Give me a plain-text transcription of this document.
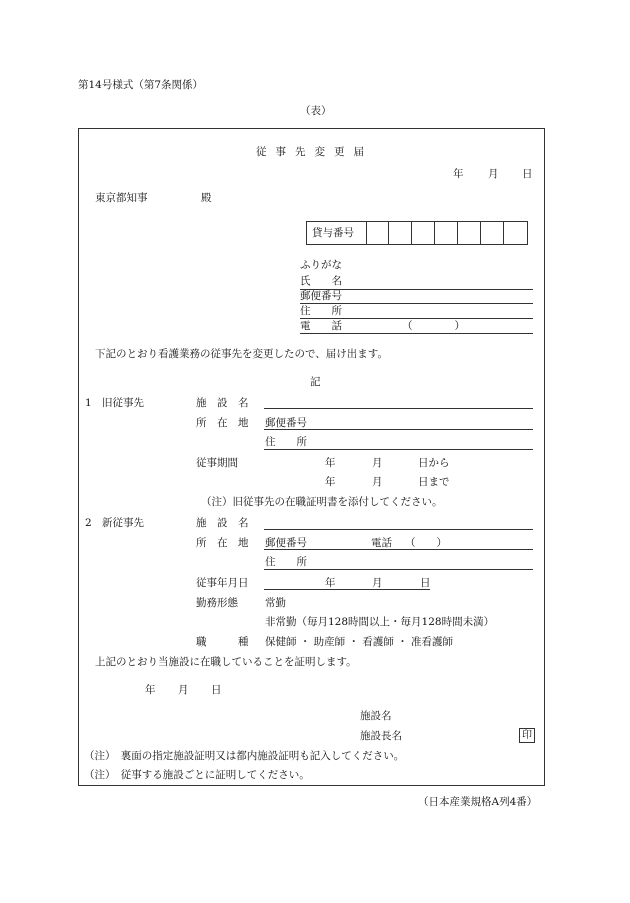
第14号様式（第7条関係）
（表）
従事先変更届
年 月 日
東京都知事	殿
貸与番号
ふりがな
氏　　名
郵便番号
住　　所
電　　話	（　　　　）
下記のとおり看護業務の従事先を変更したので、届け出ます。
記
1 旧従事先	施　設　名
所　在　地 郵便番号
住　　所
従事期間	年	月	日から
年	月	日まで
（注）旧従事先の在職証明書を添付してください。
2 新従事先	施　設　名
所　在　地 郵便番号	電話 （　　）
住　　所
従事年月日	年	月	日
勤務形態	常勤
非常勤（毎月128時間以上・毎月128時間未満）
職　　　種 保健師 ・ 助産師 ・ 看護師 ・ 准看護師
上記のとおり当施設に在職していることを証明します。
年 月 日
施設名
施設長名	印
（注）　裏面の指定施設証明又は都内施設証明も記入してください。
（注）　従事する施設ごとに証明してください。
（日本産業規格A列4番）
